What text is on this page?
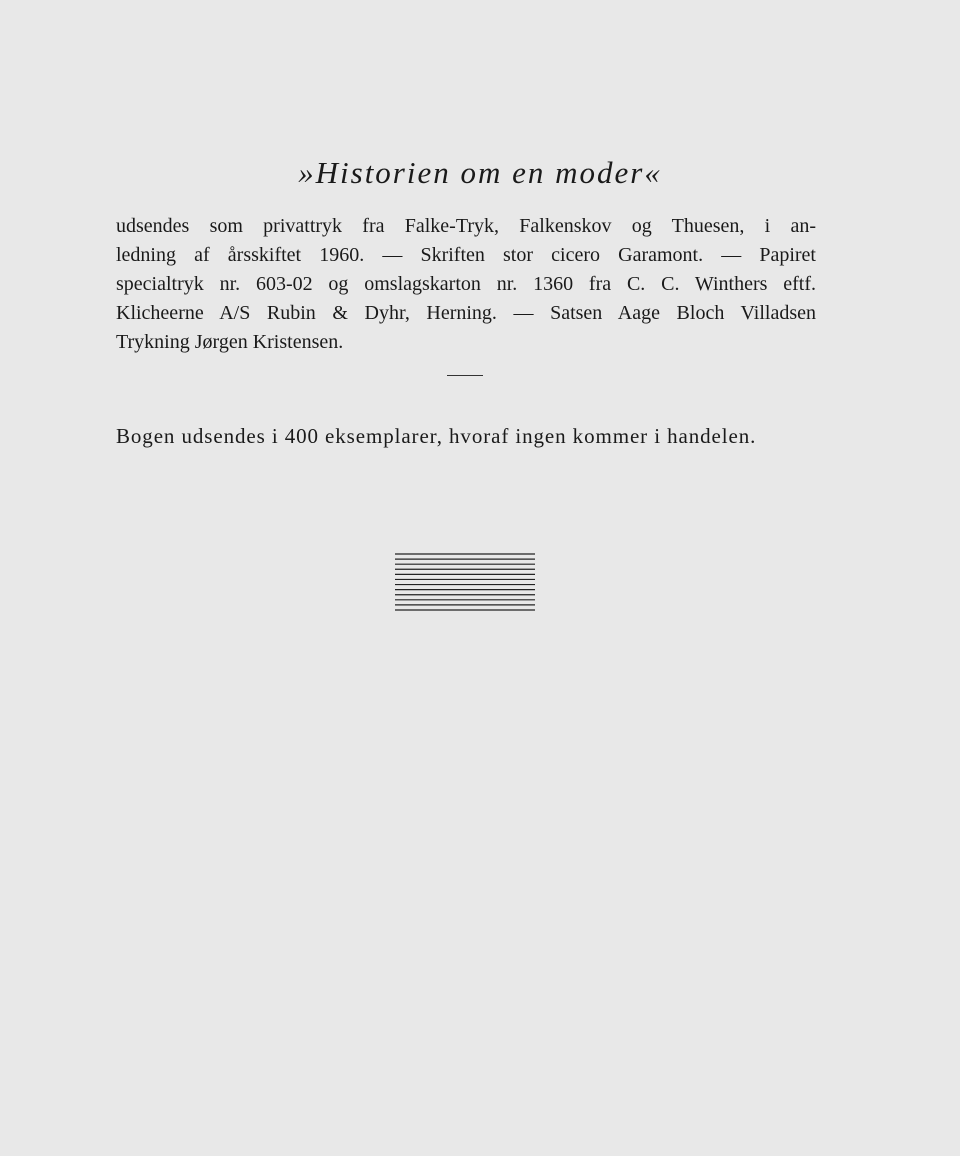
»Historien om en moder«

udsendes som privattryk fra Falke-Tryk, Falkenskov og Thuesen, i an-
ledning af årsskiftet 1960. — Skriften stor cicero Garamont. — Papiret
specialtryk nr. 603-02 og omslagskarton nr. 1360 fra C. C. Winthers eftf.
Klicheerne A/S Rubin & Dyhr, Herning. — Satsen Aage Bloch Villadsen
Trykning Jørgen Kristensen.

Bogen udsendes i 400 eksemplarer, hvoraf ingen kommer i handelen.
